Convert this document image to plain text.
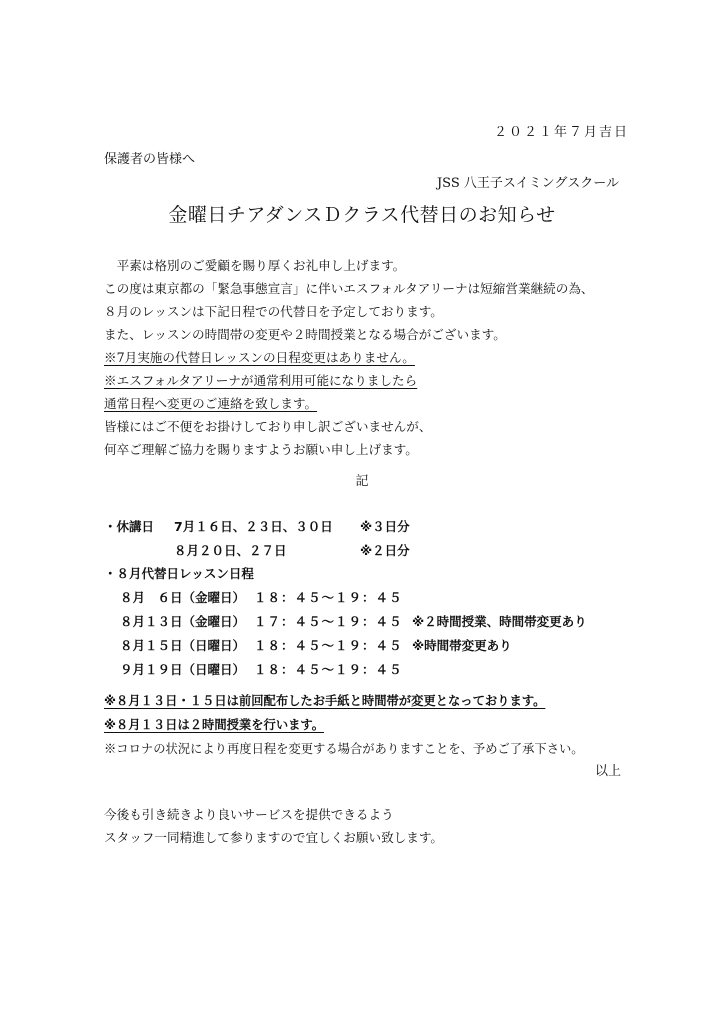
２０２１年７月吉日
保護者の皆様へ
JSS 八王子スイミングスクール
金曜日チアダンスＤクラス代替日のお知らせ
　平素は格別のご愛顧を賜り厚くお礼申し上げます。
この度は東京都の「緊急事態宣言」に伴いエスフォルタアリーナは短縮営業継続の為、
８月のレッスンは下記日程での代替日を予定しております。
また、レッスンの時間帯の変更や２時間授業となる場合がございます。
※7月実施の代替日レッスンの日程変更はありません。
※エスフォルタアリーナが通常利用可能になりましたら
通常日程へ変更のご連絡を致します。
皆様にはご不便をお掛けしており申し訳ございませんが、
何卒ご理解ご協力を賜りますようお願い申し上げます。
記
・休講日 7月１６日、２３日、３０日 ※３日分
８月２０日、２７日	※２日分
・８月代替日レッスン日程
８月　６日（金曜日） １８：４５〜１９：４５
８月１３日（金曜日） １７：４５〜１９：４５ ※２時間授業、時間帯変更あり
８月１５日（日曜日） １８：４５〜１９：４５ ※時間帯変更あり
９月１９日（日曜日） １８：４５〜１９：４５
※８月１３日・１５日は前回配布したお手紙と時間帯が変更となっております。
※８月１３日は２時間授業を行います。
※コロナの状況により再度日程を変更する場合がありますことを、予めご了承下さい。
以上
今後も引き続きより良いサービスを提供できるよう
スタッフ一同精進して参りますので宜しくお願い致します。
